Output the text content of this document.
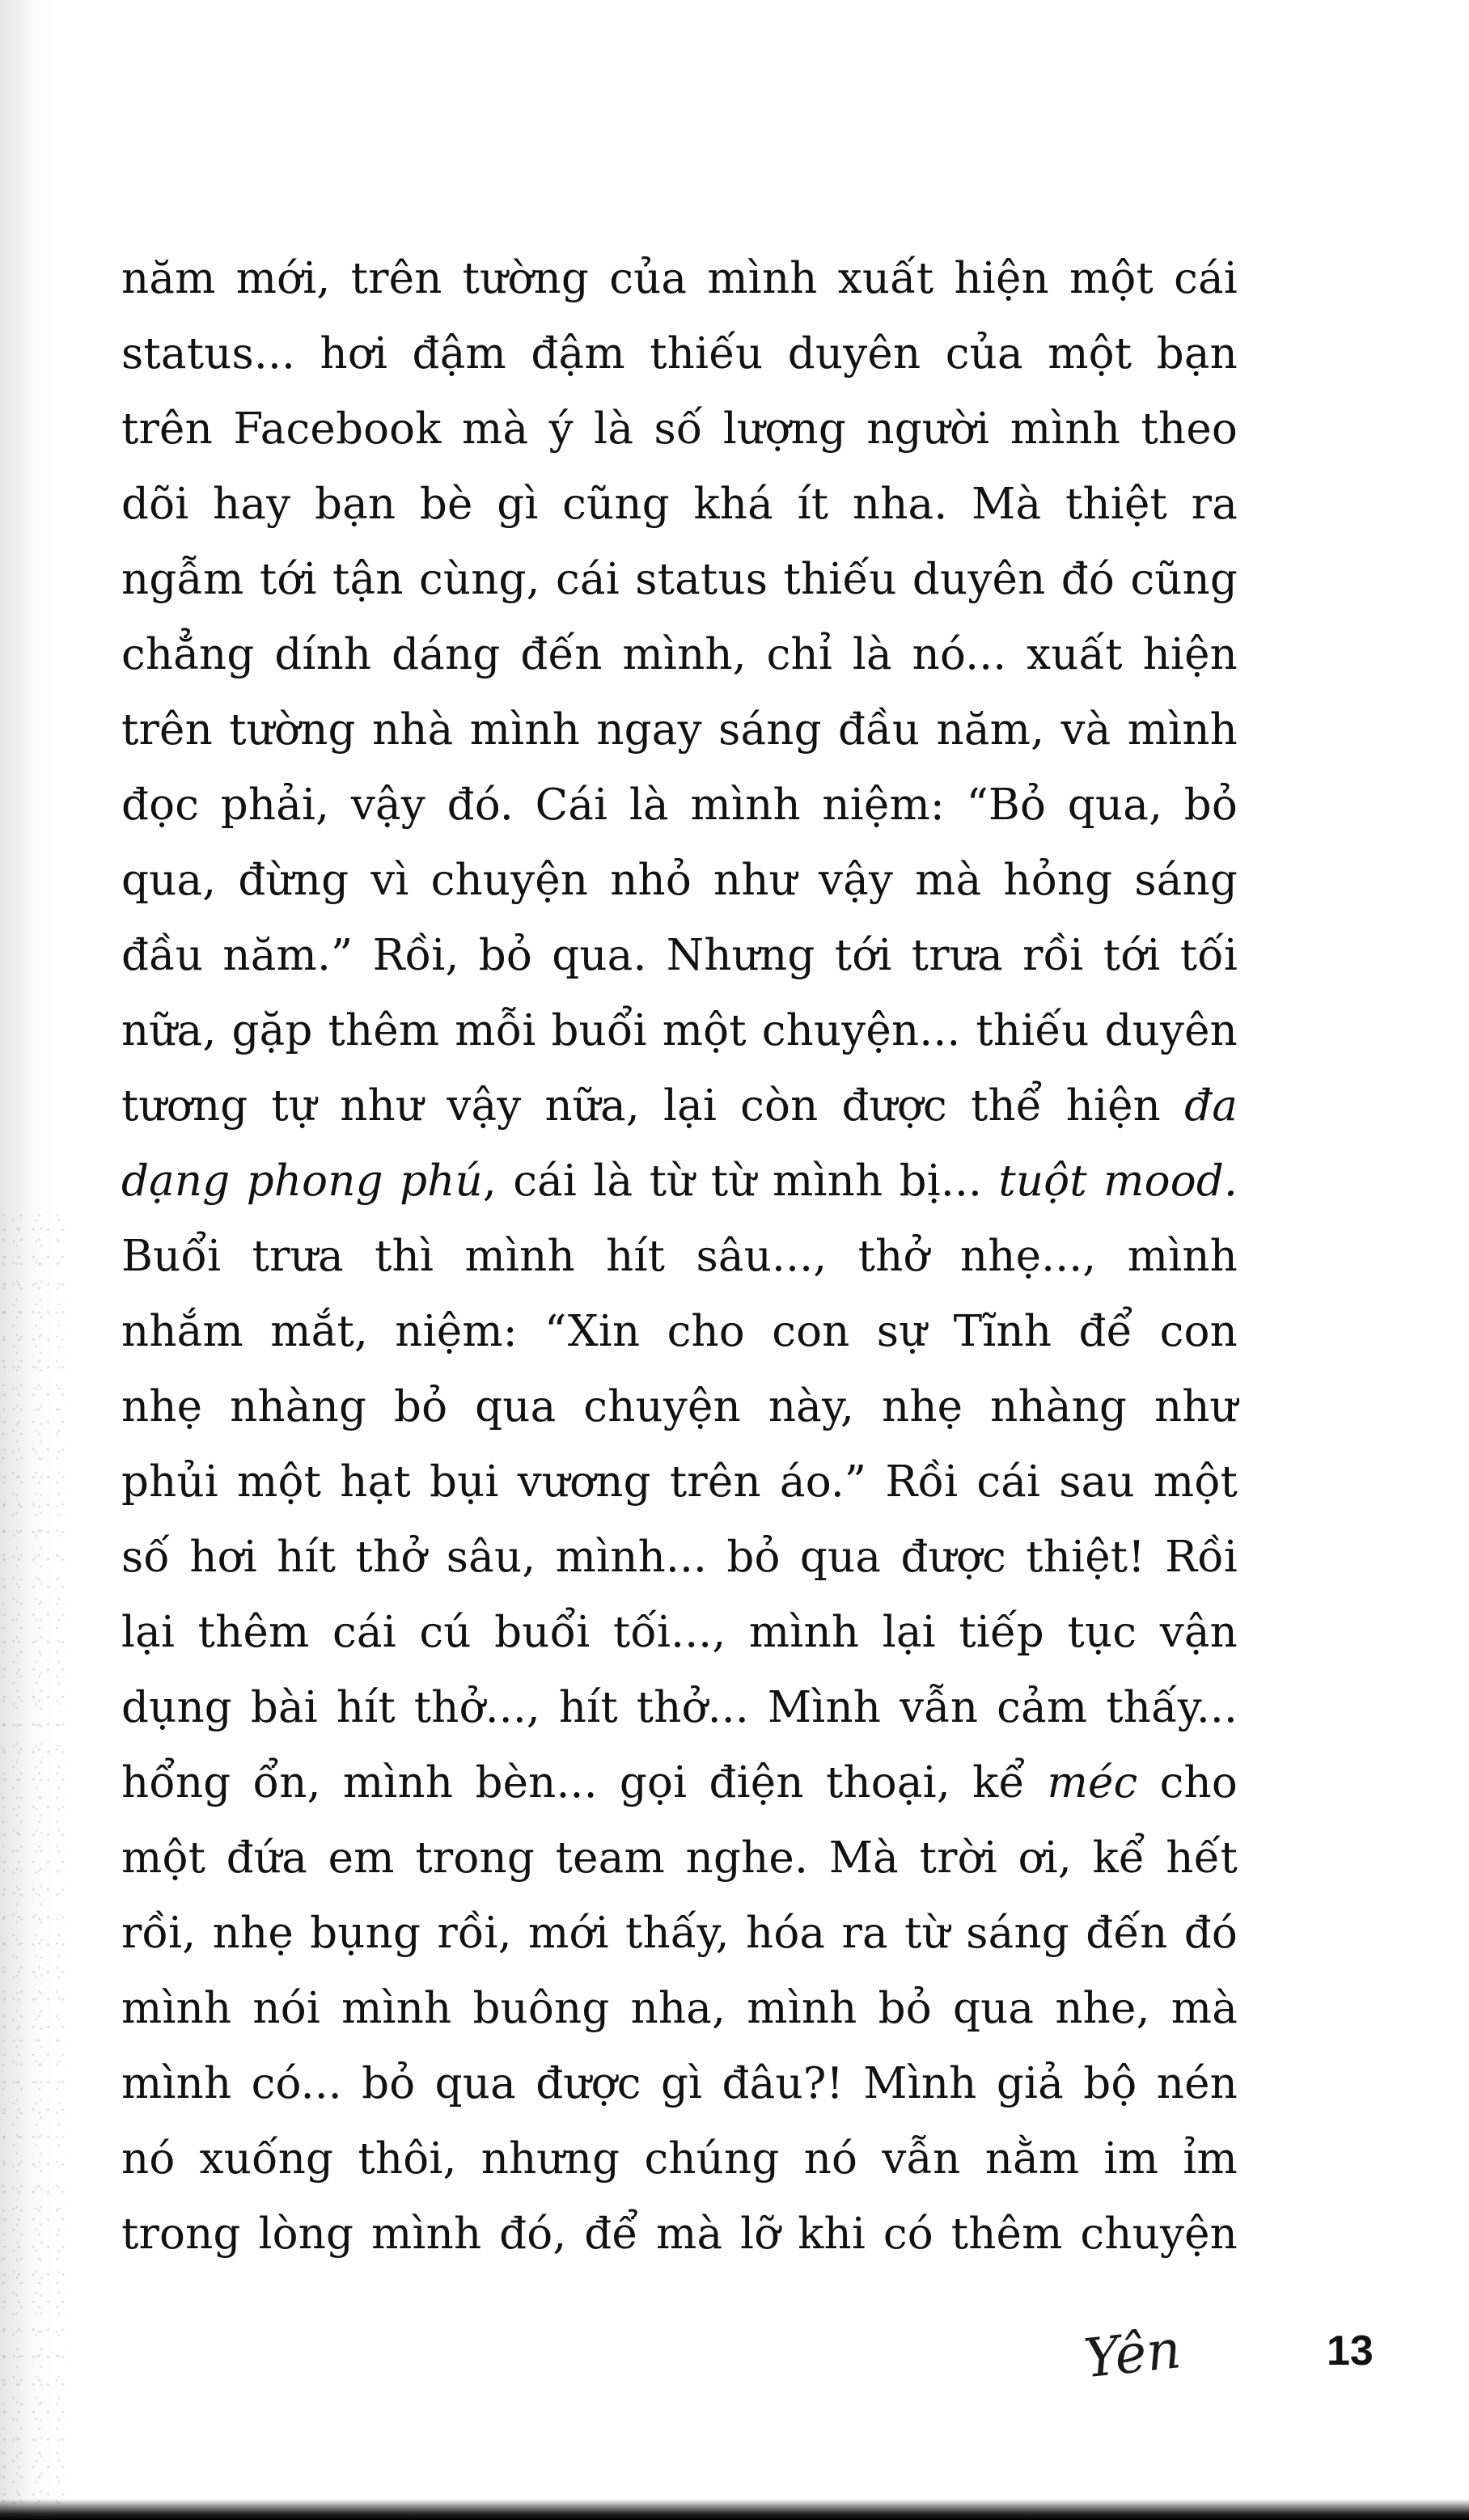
năm mới, trên tường của mình xuất hiện một cái
status... hơi đậm đậm thiếu duyên của một bạn
trên Facebook mà ý là số lượng người mình theo
dõi hay bạn bè gì cũng khá ít nha. Mà thiệt ra
ngẫm tới tận cùng, cái status thiếu duyên đó cũng
chẳng dính dáng đến mình, chỉ là nó... xuất hiện
trên tường nhà mình ngay sáng đầu năm, và mình
đọc phải, vậy đó. Cái là mình niệm: “Bỏ qua, bỏ
qua, đừng vì chuyện nhỏ như vậy mà hỏng sáng
đầu năm.” Rồi, bỏ qua. Nhưng tới trưa rồi tới tối
nữa, gặp thêm mỗi buổi một chuyện... thiếu duyên
tương tự như vậy nữa, lại còn được thể hiện đa
dạng phong phú, cái là từ từ mình bị... tuột mood.
Buổi trưa thì mình hít sâu..., thở nhẹ..., mình
nhắm mắt, niệm: “Xin cho con sự Tĩnh để con
nhẹ nhàng bỏ qua chuyện này, nhẹ nhàng như
phủi một hạt bụi vương trên áo.” Rồi cái sau một
số hơi hít thở sâu, mình... bỏ qua được thiệt! Rồi
lại thêm cái cú buổi tối..., mình lại tiếp tục vận
dụng bài hít thở..., hít thở... Mình vẫn cảm thấy...
hổng ổn, mình bèn... gọi điện thoại, kể méc cho
một đứa em trong team nghe. Mà trời ơi, kể hết
rồi, nhẹ bụng rồi, mới thấy, hóa ra từ sáng đến đó
mình nói mình buông nha, mình bỏ qua nhe, mà
mình có... bỏ qua được gì đâu?! Mình giả bộ nén
nó xuống thôi, nhưng chúng nó vẫn nằm im ỉm
trong lòng mình đó, để mà lỡ khi có thêm chuyện
Yên	13
